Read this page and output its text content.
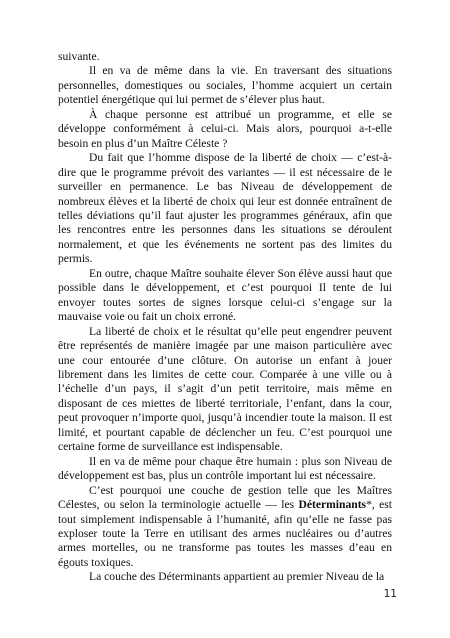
suivante.

Il en va de même dans la vie. En traversant des situations personnelles, domestiques ou sociales, l’homme acquiert un certain potentiel énergétique qui lui permet de s’élever plus haut.

À chaque personne est attribué un programme, et elle se développe conformément à celui-ci. Mais alors, pourquoi a-t-elle besoin en plus d’un Maître Céleste ?

Du fait que l’homme dispose de la liberté de choix — c’est-à-dire que le programme prévoit des variantes — il est nécessaire de le surveiller en permanence. Le bas Niveau de développement de nombreux élèves et la liberté de choix qui leur est donnée entraînent de telles déviations qu’il faut ajuster les programmes généraux, afin que les rencontres entre les personnes dans les situations se déroulent normalement, et que les événements ne sortent pas des limites du permis.

En outre, chaque Maître souhaite élever Son élève aussi haut que possible dans le développement, et c’est pourquoi Il tente de lui envoyer toutes sortes de signes lorsque celui-ci s’engage sur la mauvaise voie ou fait un choix erroné.

La liberté de choix et le résultat qu’elle peut engendrer peuvent être représentés de manière imagée par une maison particulière avec une cour entourée d’une clôture. On autorise un enfant à jouer librement dans les limites de cette cour. Comparée à une ville ou à l’échelle d’un pays, il s’agit d’un petit territoire, mais même en disposant de ces miettes de liberté territoriale, l’enfant, dans la cour, peut provoquer n’importe quoi, jusqu’à incendier toute la maison. Il est limité, et pourtant capable de déclencher un feu. C’est pourquoi une certaine forme de surveillance est indispensable.

Il en va de même pour chaque être humain : plus son Niveau de développement est bas, plus un contrôle important lui est nécessaire.

C’est pourquoi une couche de gestion telle que les Maîtres Célestes, ou selon la terminologie actuelle — les Déterminants*, est tout simplement indispensable à l’humanité, afin qu’elle ne fasse pas exploser toute la Terre en utilisant des armes nucléaires ou d’autres armes mortelles, ou ne transforme pas toutes les masses d’eau en égouts toxiques.

La couche des Déterminants appartient au premier Niveau de la

11
